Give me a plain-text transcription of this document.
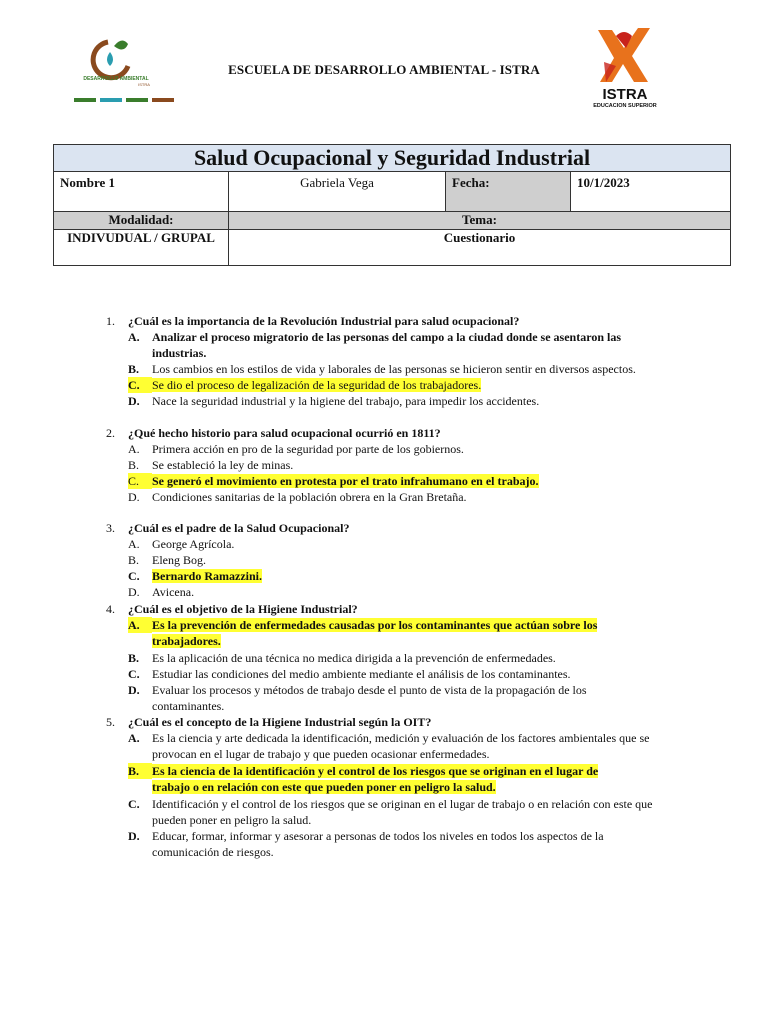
DESARROLLO AMBIENTAL
ISTRA
ESCUELA DE DESARROLLO AMBIENTAL - ISTRA
ISTRA
EDUCACION SUPERIOR
Salud Ocupacional y Seguridad Industrial			
Nombre 1	Gabriela Vega	Fecha:	10/1/2023
Modalidad:	Tema:		
INDIVUDUAL / GRUPAL	Cuestionario		
1.	¿Cuál es la importancia de la Revolución Industrial para salud ocupacional?
A.	Analizar el proceso migratorio de las personas del campo a la ciudad donde se asentaron las industrias.
B.	Los cambios en los estilos de vida y laborales de las personas se hicieron sentir en diversos aspectos.
C.	Se dio el proceso de legalización de la seguridad de los trabajadores.
D.	Nace la seguridad industrial y la higiene del trabajo, para impedir los accidentes.
2.	¿Qué hecho historio para salud ocupacional ocurrió en 1811?
A.	Primera acción en pro de la seguridad por parte de los gobiernos.
B.	Se estableció la ley de minas.
C.	Se generó el movimiento en protesta por el trato infrahumano en el trabajo.
D.	Condiciones sanitarias de la población obrera en la Gran Bretaña.
3.	¿Cuál es el padre de la Salud Ocupacional?
A.	George Agrícola.
B.	Eleng Bog.
C.	Bernardo Ramazzini.
D.	Avicena.
4.	¿Cuál es el objetivo de la Higiene Industrial?
A.	Es la prevención de enfermedades causadas por los contaminantes que actúan sobre los trabajadores.
B.	Es la aplicación de una técnica no medica dirigida a la prevención de enfermedades.
C.	Estudiar las condiciones del medio ambiente mediante el análisis de los contaminantes.
D.	Evaluar los procesos y métodos de trabajo desde el punto de vista de la propagación de los contaminantes.
5.	¿Cuál es el concepto de la Higiene Industrial según la OIT?
A.	Es la ciencia y arte dedicada la identificación, medición y evaluación de los factores ambientales que se provocan en el lugar de trabajo y que pueden ocasionar enfermedades.
B.	Es la ciencia de la identificación y el control de los riesgos que se originan en el lugar de trabajo o en relación con este que pueden poner en peligro la salud.
C.	Identificación y el control de los riesgos que se originan en el lugar de trabajo o en relación con este que pueden poner en peligro la salud.
D.	Educar, formar, informar y asesorar a personas de todos los niveles en todos los aspectos de la comunicación de riesgos.
